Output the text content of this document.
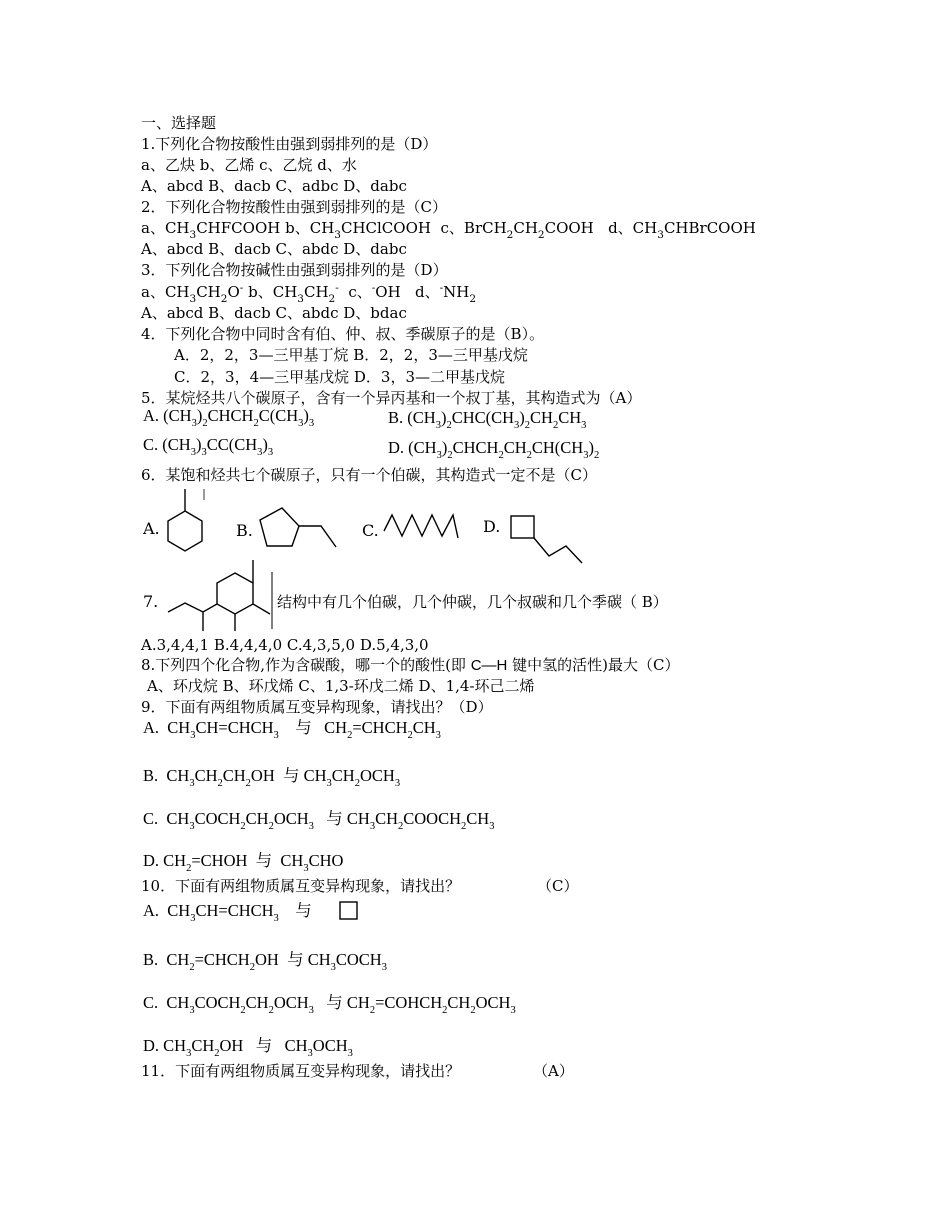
一、选择题
1.下列化合物按酸性由强到弱排列的是（D）
a、乙炔 b、乙烯 c、乙烷 d、水
A、abcd B、dacb C、adbc D、dabc
2．下列化合物按酸性由强到弱排列的是（C）
a、$CH_3CHFCOOH$ b、$CH_3CHClCOOH$ c、$BrCH_2CH_2COOH$ d、$CH_3CHBrCOOH$
A、abcd B、dacb C、abdc D、dabc
3．下列化合物按碱性由强到弱排列的是（D）
a、$CH_3CH_2O^-$ b、$CH_3CH_2^-$ c、-OH d、$^-NH_2$
A、abcd B、dacb C、abdc D、bdac
4．下列化合物中同时含有伯、仲、叔、季碳原子的是（B）。
A．2，2，3—三甲基丁烷 B．2，2，3—三甲基戊烷
C．2，3，4—三甲基戊烷 D．3，3—二甲基戊烷
5．某烷烃共八个碳原子，含有一个异丙基和一个叔丁基，其构造式为（A）
A. $(CH_3)_2CHCH_2C(CH_3)_3$	B. $(CH_3)_2CHC(CH_3)_2CH_2CH_3$
C. $(CH_3)_3CC(CH_3)_3$	D. $(CH_3)_2CHCH_2CH_2CH(CH_3)_2$
6．某饱和烃共七个碳原子，只有一个伯碳，其构造式一定不是（C）
A.	B.	C.	D.
7.	结构中有几个伯碳，几个仲碳，几个叔碳和几个季碳（ B）
A.3,4,4,1 B.4,4,4,0 C.4,3,5,0 D.5,4,3,0
8.下列四个化合物,作为含碳酸，哪一个的酸性(即 C—H 键中氢的活性)最大（C）
A、环戊烷 B、环戊烯 C、1,3-环戊二烯 D、1,4-环己二烯
9．下面有两组物质属互变异构现象，请找出？（D）
A.  $CH_3CH=CHCH_3$ 与   $CH_2=CHCH_2CH_3$
B.  $CH_3CH_2CH_2OH$  与 $CH_3CH_2OCH_3$
C.  $CH_3COCH_2CH_2OCH_3$ 与 $CH_3CH_2COOCH_2CH_3$
D. $CH_2=CHOH$  与  $CH_3CHO$
10．下面有两组物质属互变异构现象，请找出？	（C）
A.  $CH_3CH=CHCH_3$ 与
B.  $CH_2=CHCH_2OH$  与 $CH_3COCH_3$
C.  $CH_3COCH_2CH_2OCH_3$ 与 $CH_2=COHCH_2CH_2OCH_3$
D. $CH_3CH_2OH$   与   $CH_3OCH_3$
11．下面有两组物质属互变异构现象，请找出？	（A）
